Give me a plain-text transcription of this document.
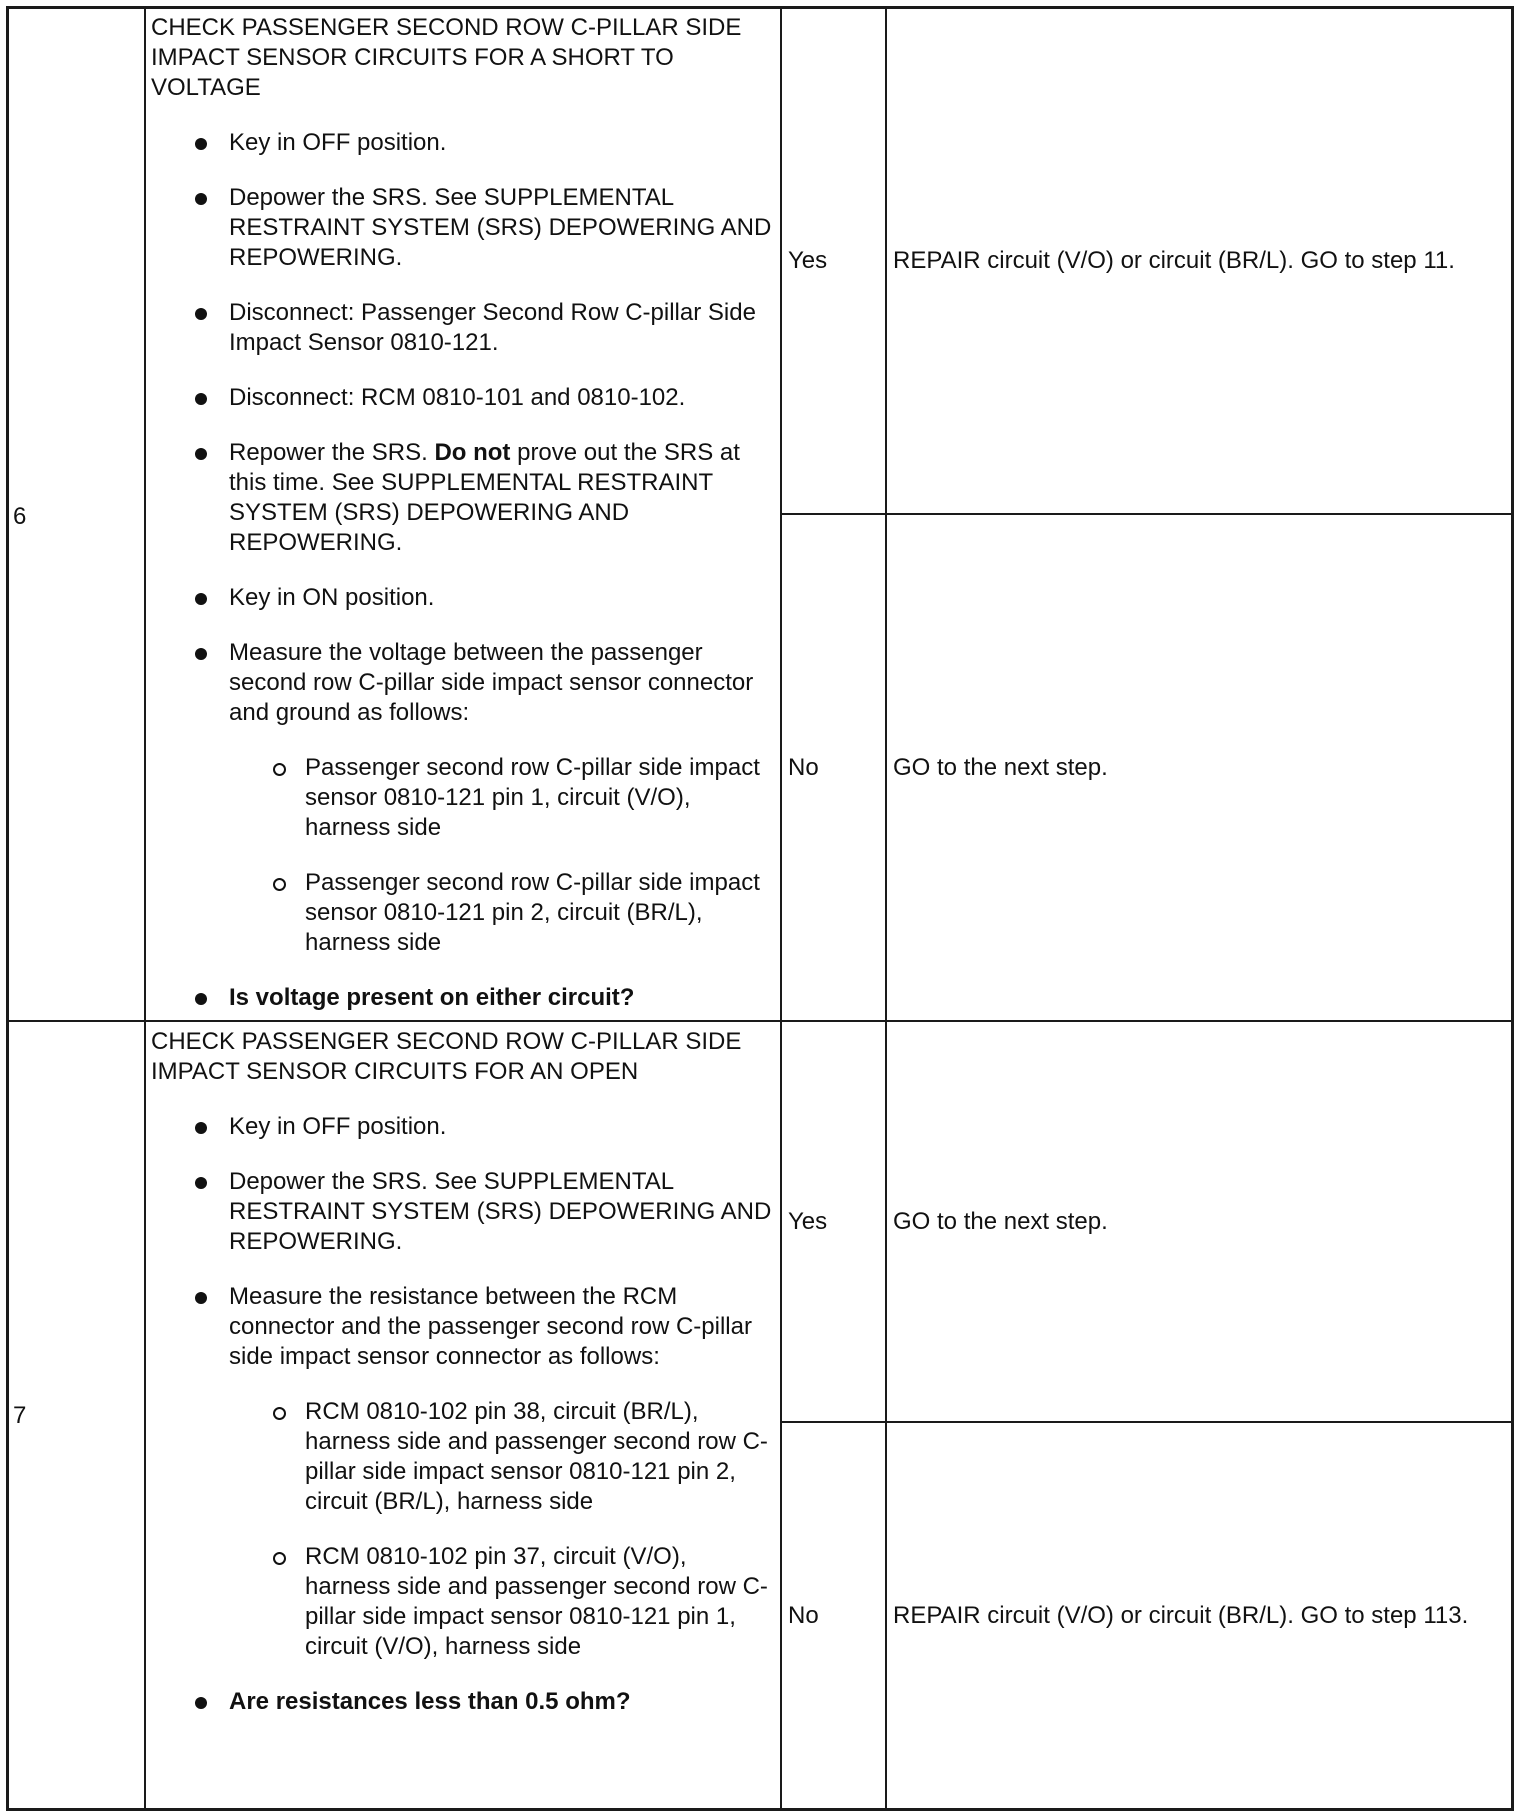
6

CHECK PASSENGER SECOND ROW C-PILLAR SIDE IMPACT SENSOR CIRCUITS FOR A SHORT TO VOLTAGE

Key in OFF position.
Depower the SRS. See SUPPLEMENTAL RESTRAINT SYSTEM (SRS) DEPOWERING AND REPOWERING.
Disconnect: Passenger Second Row C-pillar Side Impact Sensor 0810-121.
Disconnect: RCM 0810-101 and 0810-102.
Repower the SRS. Do not prove out the SRS at this time. See SUPPLEMENTAL RESTRAINT SYSTEM (SRS) DEPOWERING AND REPOWERING.
Key in ON position.
Measure the voltage between the passenger second row C-pillar side impact sensor connector and ground as follows:
Passenger second row C-pillar side impact sensor 0810-121 pin 1, circuit (V/O), harness side
Passenger second row C-pillar side impact sensor 0810-121 pin 2, circuit (BR/L), harness side
Is voltage present on either circuit?
Yes	REPAIR circuit (V/O) or circuit (BR/L). GO to step 11.
No	GO to the next step.
7

CHECK PASSENGER SECOND ROW C-PILLAR SIDE IMPACT SENSOR CIRCUITS FOR AN OPEN

Key in OFF position.
Depower the SRS. See SUPPLEMENTAL RESTRAINT SYSTEM (SRS) DEPOWERING AND REPOWERING.
Measure the resistance between the RCM connector and the passenger second row C-pillar side impact sensor connector as follows:
RCM 0810-102 pin 38, circuit (BR/L), harness side and passenger second row C-pillar side impact sensor 0810-121 pin 2, circuit (BR/L), harness side
RCM 0810-102 pin 37, circuit (V/O), harness side and passenger second row C-pillar side impact sensor 0810-121 pin 1, circuit (V/O), harness side
Are resistances less than 0.5 ohm?
Yes	GO to the next step.
No	REPAIR circuit (V/O) or circuit (BR/L). GO to step 113.
